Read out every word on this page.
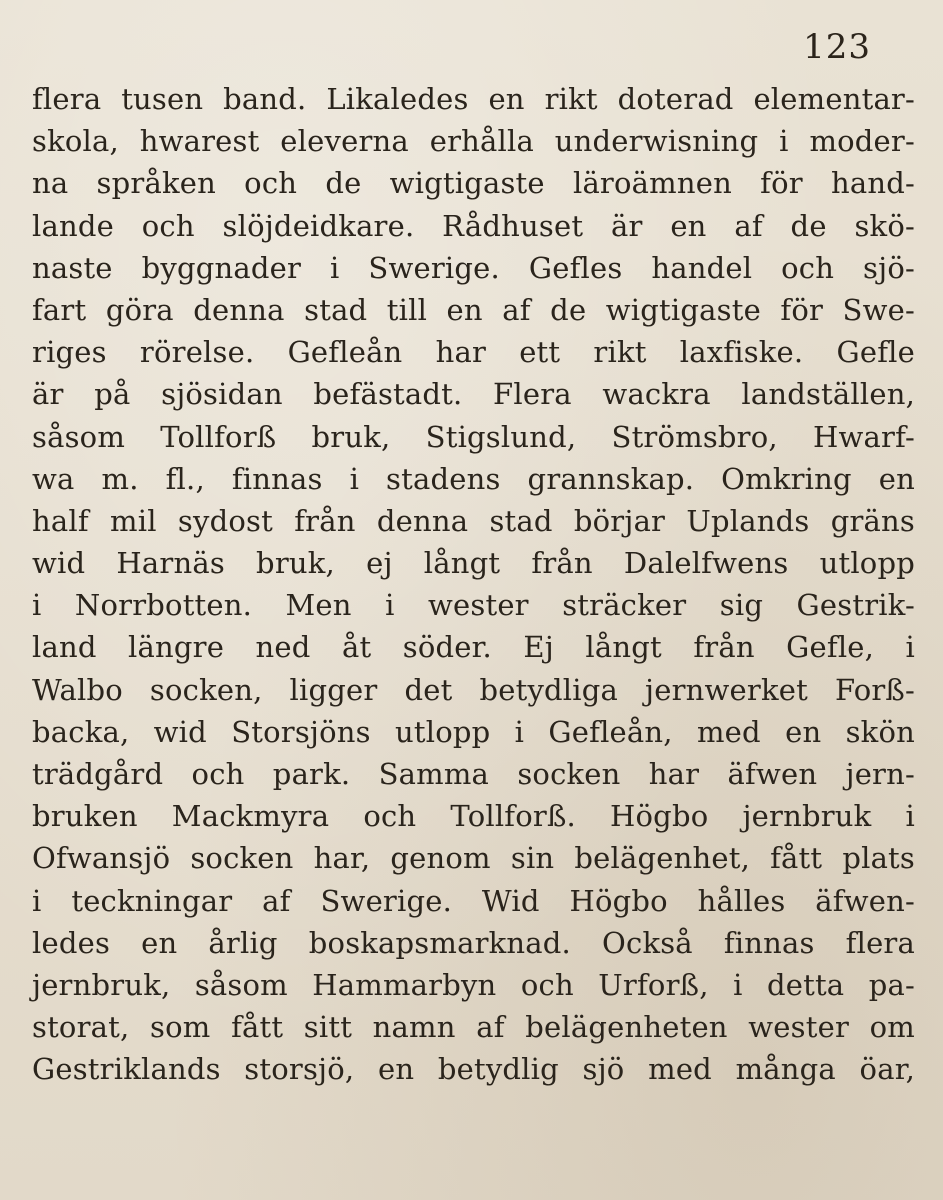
123
flera tusen band. Likaledes en rikt doterad elementar-
skola, hwarest eleverna erhålla underwisning i moder-
na språken och de wigtigaste läroämnen för hand-
lande och slöjdeidkare. Rådhuset är en af de skö-
naste byggnader i Swerige. Gefles handel och sjö-
fart göra denna stad till en af de wigtigaste för Swe-
riges rörelse. Gefleån har ett rikt laxfiske. Gefle
är på sjösidan befästadt. Flera wackra landställen,
såsom Tollforß bruk, Stigslund, Strömsbro, Hwarf-
wa m. fl., finnas i stadens grannskap. Omkring en
half mil sydost från denna stad börjar Uplands gräns
wid Harnäs bruk, ej långt från Dalelfwens utlopp
i Norrbotten. Men i wester sträcker sig Gestrik-
land längre ned åt söder. Ej långt från Gefle, i
Walbo socken, ligger det betydliga jernwerket Forß-
backa, wid Storsjöns utlopp i Gefleån, med en skön
trädgård och park. Samma socken har äfwen jern-
bruken Mackmyra och Tollforß. Högbo jernbruk i
Ofwansjö socken har, genom sin belägenhet, fått plats
i teckningar af Swerige. Wid Högbo hålles äfwen-
ledes en årlig boskapsmarknad. Också finnas flera
jernbruk, såsom Hammarbyn och Urforß, i detta pa-
storat, som fått sitt namn af belägenheten wester om
Gestriklands storsjö, en betydlig sjö med många öar,
